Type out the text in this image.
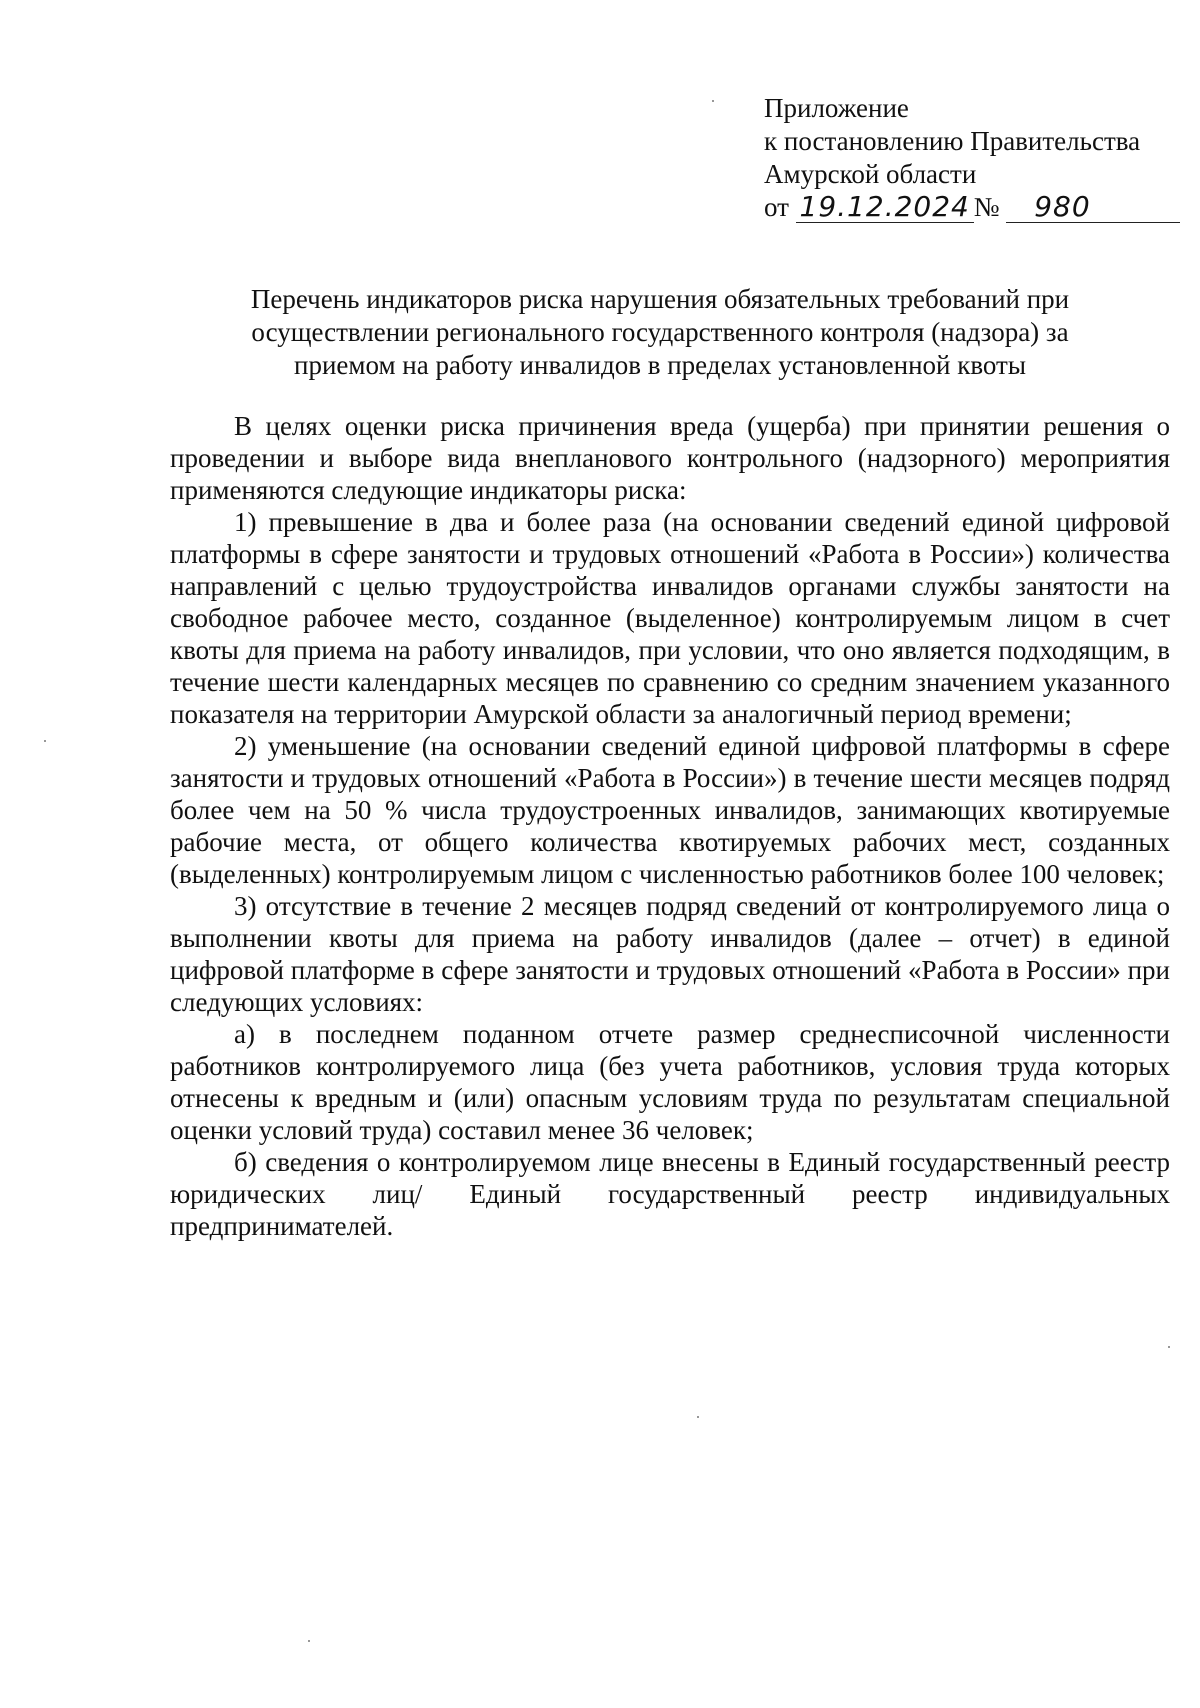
Приложение
к постановлению Правительства
Амурской области
от 19.12.2024 № 980
Перечень индикаторов риска нарушения обязательных требований при
осуществлении регионального государственного контроля (надзора) за
приемом на работу инвалидов в пределах установленной квоты

В целях оценки риска причинения вреда (ущерба) при принятии решения о проведении и выборе вида внепланового контрольного (надзорного) мероприятия применяются следующие индикаторы риска:

1) превышение в два и более раза (на основании сведений единой цифровой платформы в сфере занятости и трудовых отношений «Работа в России») количества направлений с целью трудоустройства инвалидов органами службы занятости на свободное рабочее место, созданное (выделенное) контролируемым лицом в счет квоты для приема на работу инвалидов, при условии, что оно является подходящим, в течение шести календарных месяцев по сравнению со средним значением указанного показателя на территории Амурской области за аналогичный период времени;

2) уменьшение (на основании сведений единой цифровой платформы в сфере занятости и трудовых отношений «Работа в России») в течение шести месяцев подряд более чем на 50 % числа трудоустроенных инвалидов, занимающих квотируемые рабочие места, от общего количества квотируемых рабочих мест, созданных (выделенных) контролируемым лицом с численностью работников более 100 человек;

3) отсутствие в течение 2 месяцев подряд сведений от контролируемого лица о выполнении квоты для приема на работу инвалидов (далее – отчет) в единой цифровой платформе в сфере занятости и трудовых отношений «Работа в России» при следующих условиях:

а) в последнем поданном отчете размер среднесписочной численности работников контролируемого лица (без учета работников, условия труда которых отнесены к вредным и (или) опасным условиям труда по результатам специальной оценки условий труда) составил менее 36 человек;

б) сведения о контролируемом лице внесены в Единый государственный реестр юридических лиц/ Единый государственный реестр индивидуальных предпринимателей.
